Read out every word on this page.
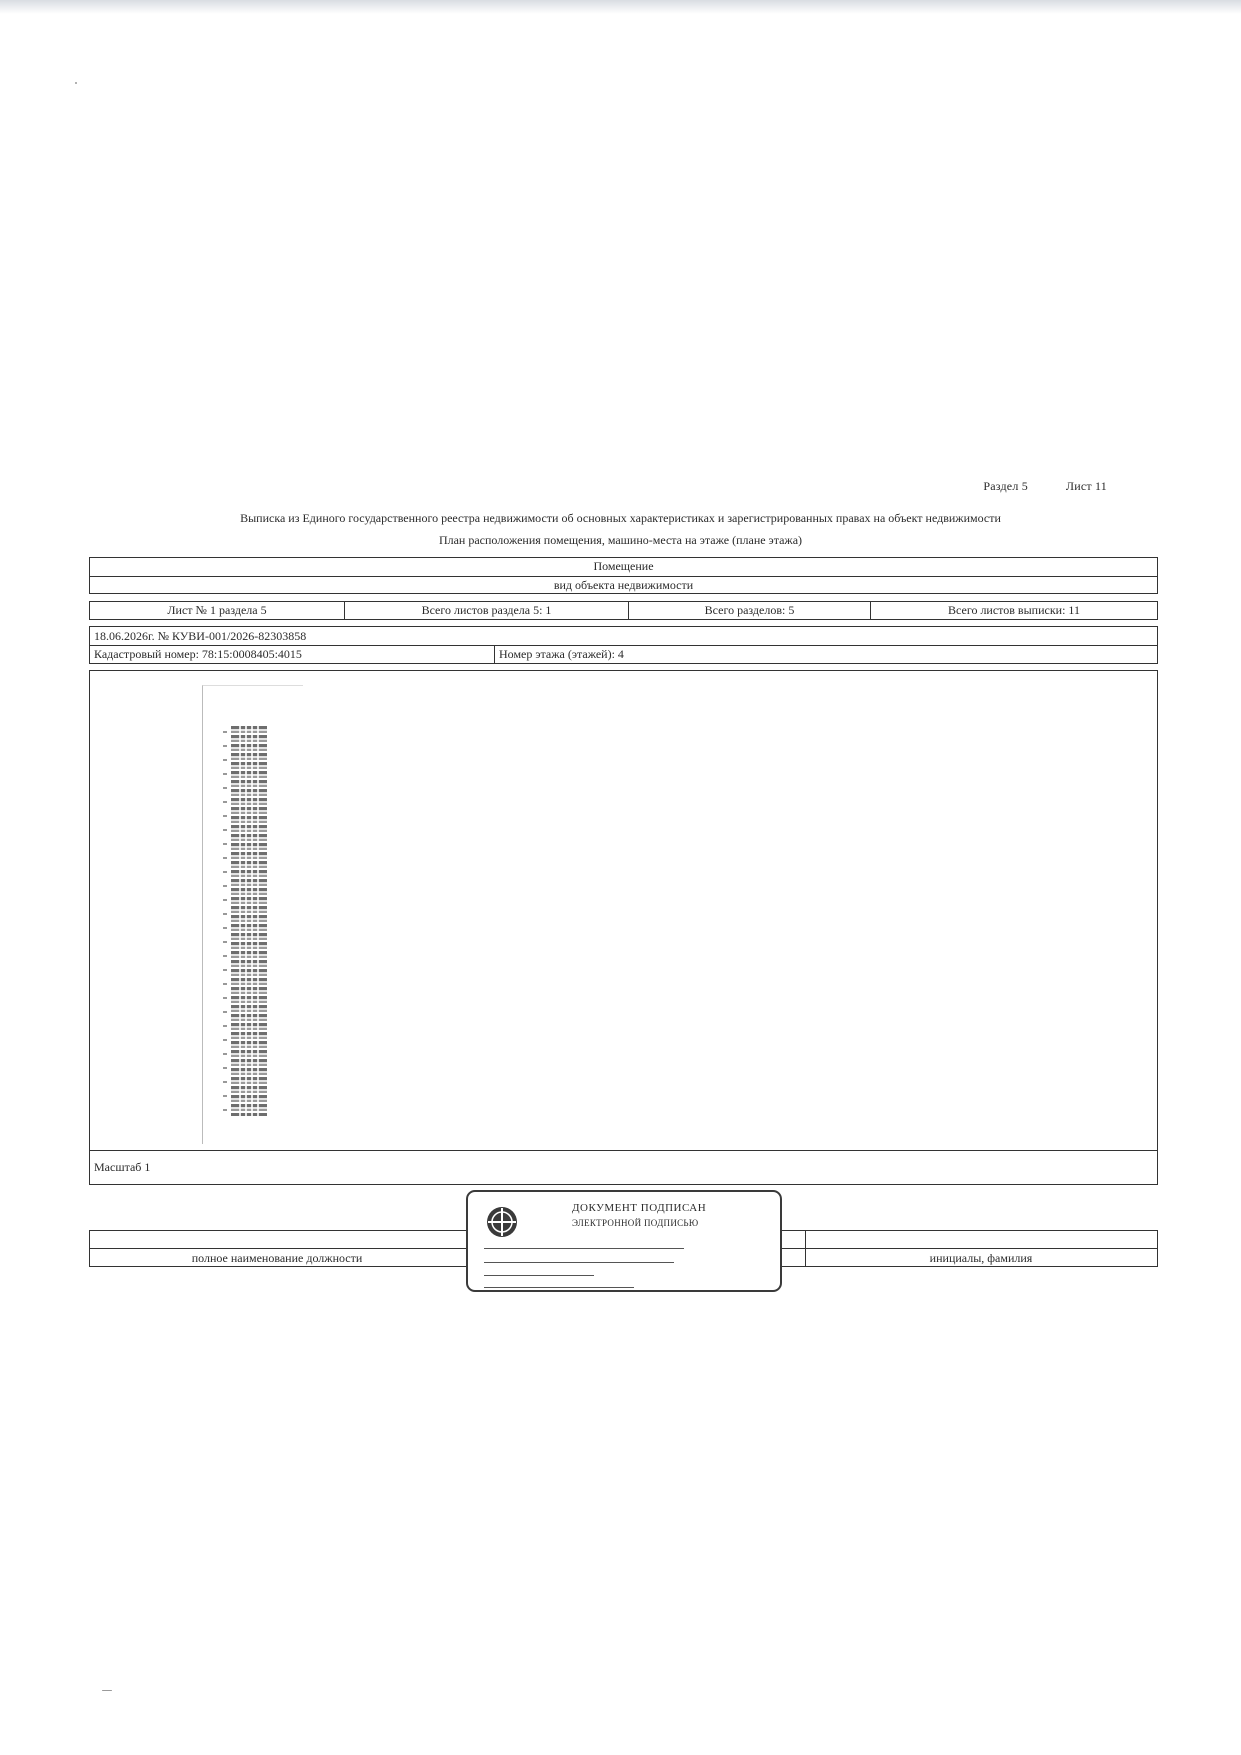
Раздел 5	Лист 11
Выписка из Единого государственного реестра недвижимости об основных характеристиках и зарегистрированных правах на объект недвижимости
План расположения помещения, машино-места на этаже (плане этажа)
Помещение
вид объекта недвижимости
Лист № 1 раздела 5	Всего листов раздела 5: 1	Всего разделов: 5	Всего листов выписки: 11
18.06.2026г. № КУВИ-001/2026-82303858
Кадастровый номер: 78:15:0008405:4015	Номер этажа (этажей): 4
Масштаб 1
полное наименование должности	инициалы, фамилия
ДОКУМЕНТ ПОДПИСАН
ЭЛЕКТРОННОЙ ПОДПИСЬЮ
